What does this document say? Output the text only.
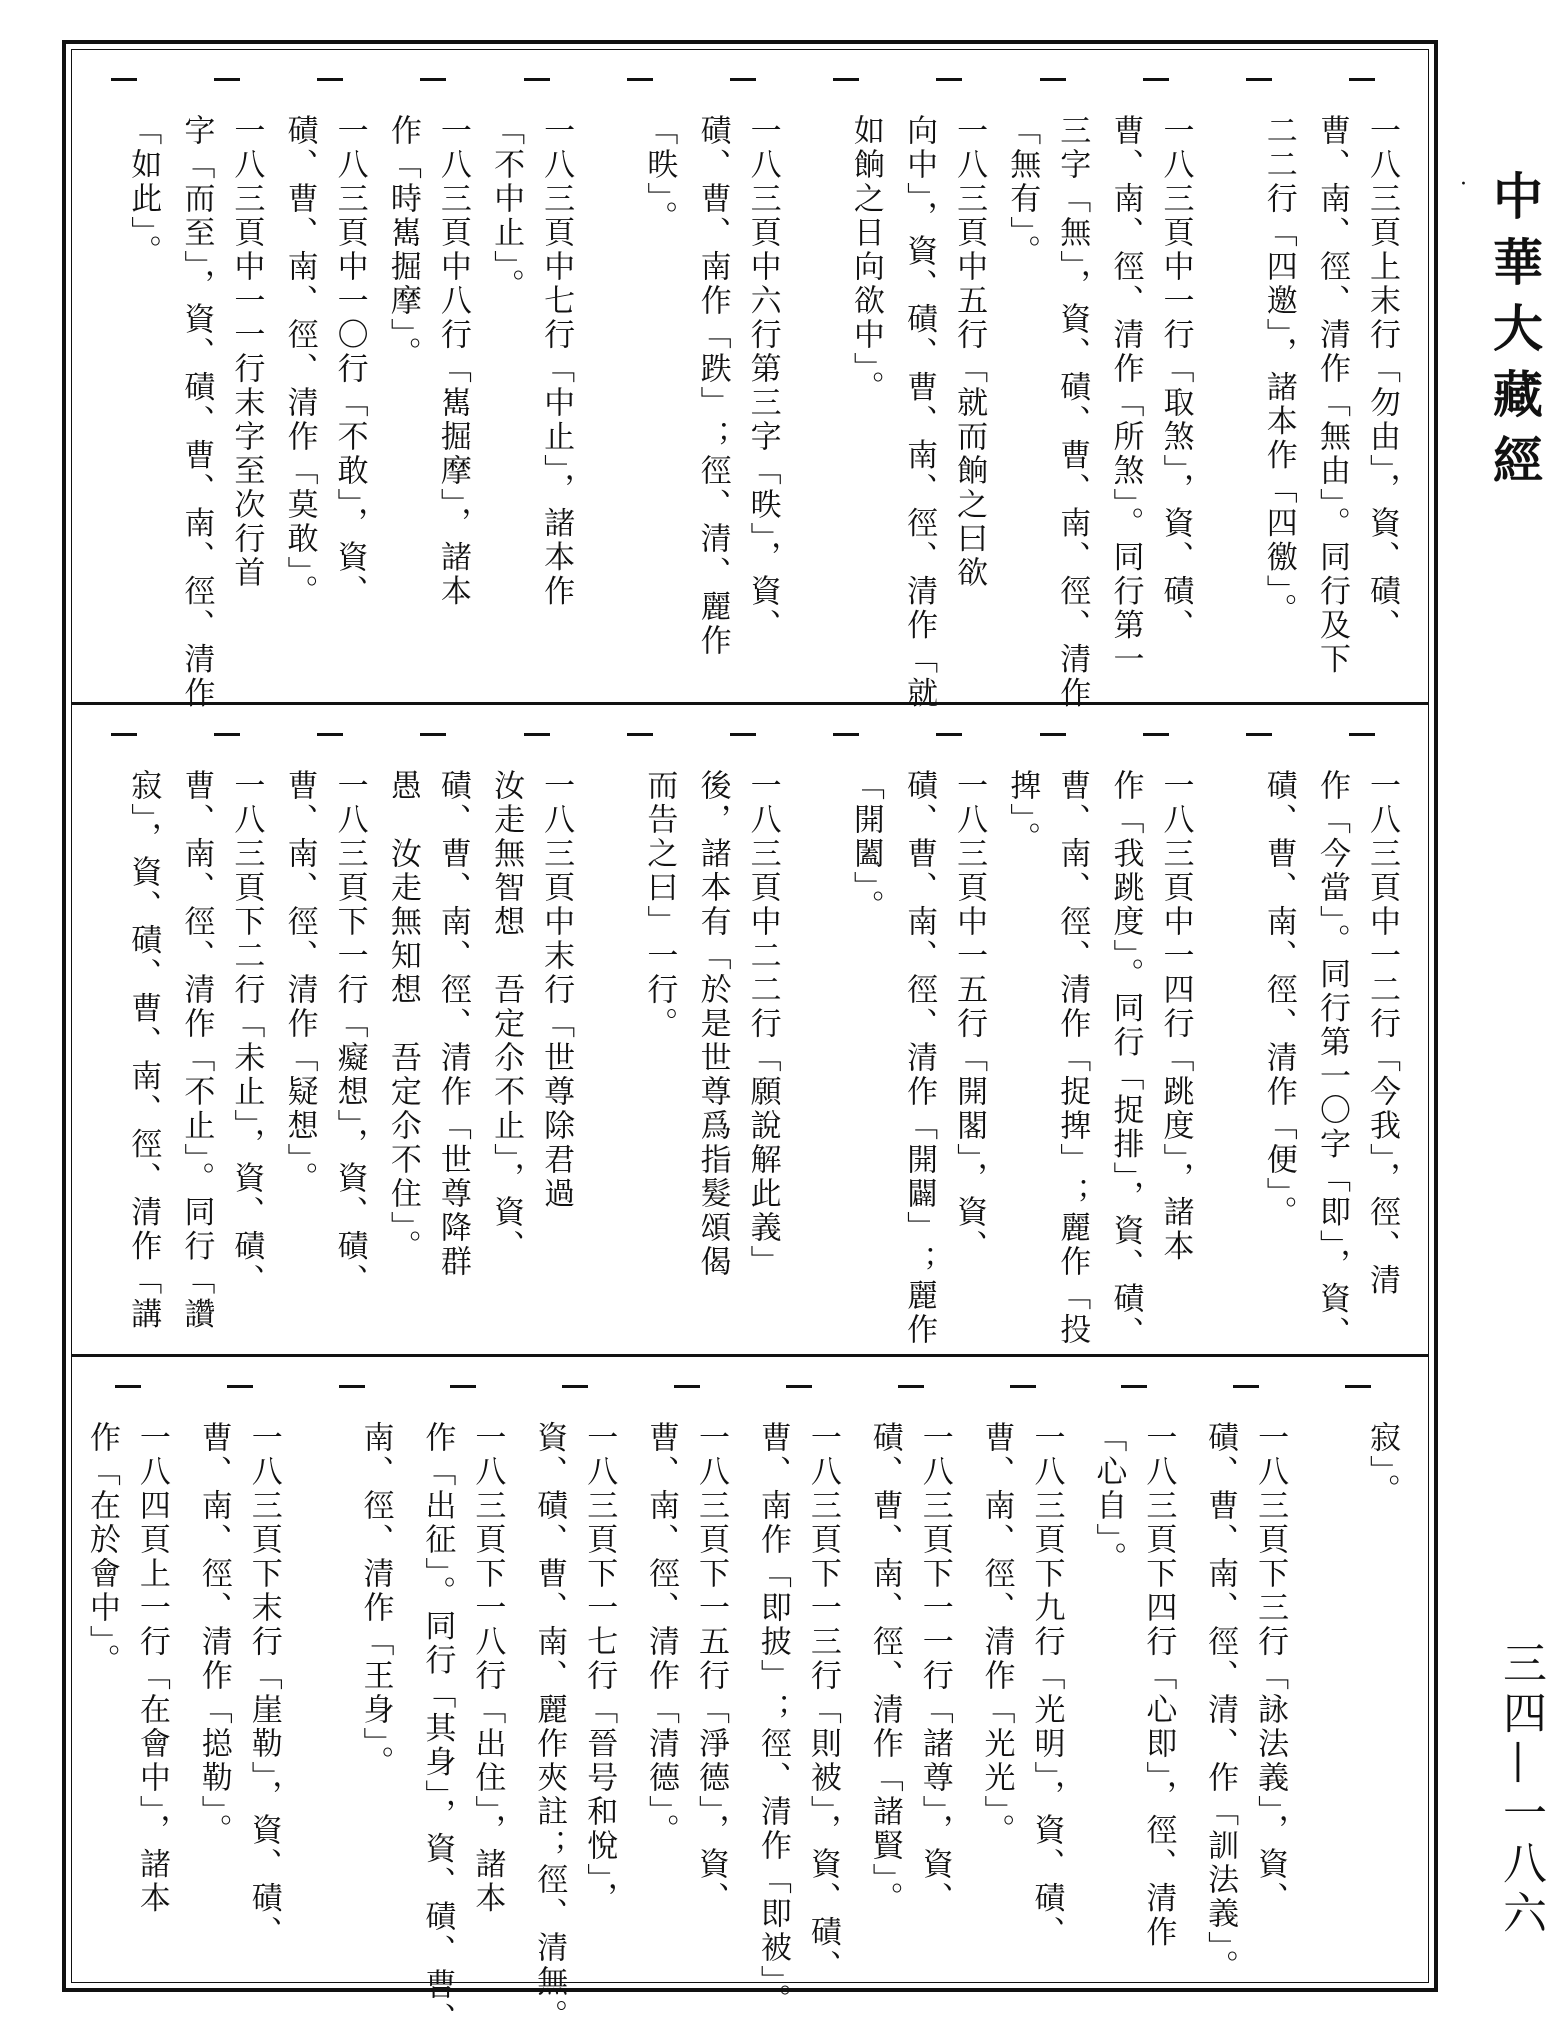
一八三頁上末行「勿由」，資、磧、
曹、南、徑、清作「無由」。同行及下
二二行「四邀」，諸本作「四徼」。
一八三頁中一行「取煞」，資、磧、
曹、南、徑、清作「所煞」。同行第一
三字「無」，資、磧、曹、南、徑、清作
「無有」。
一八三頁中五行「就而餉之曰欲
向中」，資、磧、曹、南、徑、清作「就
如餉之日向欲中」。
一八三頁中六行第三字「昳」，資、
磧、曹、南作「跌」；徑、清、麗作
「昳」。
一八三頁中七行「中止」，諸本作
「不中止」。
一八三頁中八行「嶲掘摩」，諸本
作「時嶲掘摩」。
一八三頁中一〇行「不敢」，資、
磧、曹、南、徑、清作「莫敢」。
一八三頁中一一行末字至次行首
字「而至」，資、磧、曹、南、徑、清作
「如此」。
一八三頁中一二行「今我」，徑、清
作「今當」。同行第一〇字「即」，資、
磧、曹、南、徑、清作「便」。
一八三頁中一四行「跳度」，諸本
作「我跳度」。同行「捉排」，資、磧、
曹、南、徑、清作「捉捭」；麗作「投
捭」。
一八三頁中一五行「開閣」，資、
磧、曹、南、徑、清作「開闢」；麗作
「開闔」。
一八三頁中二二行「願說解此義」
後，諸本有「於是世尊爲指髮頌偈
而告之曰」一行。
一八三頁中末行「世尊除君過
汝走無智想　吾定尒不止」，資、
磧、曹、南、徑、清作「世尊降群
愚　汝走無知想　吾定尒不住」。
一八三頁下一行「癡想」，資、磧、
曹、南、徑、清作「疑想」。
一八三頁下二行「未止」，資、磧、
曹、南、徑、清作「不止」。同行「讚
寂」，資、磧、曹、南、徑、清作「講
寂」。
一八三頁下三行「詠法義」，資、
磧、曹、南、徑、清、作「訓法義」。
一八三頁下四行「心即」，徑、清作
「心自」。
一八三頁下九行「光明」，資、磧、
曹、南、徑、清作「光光」。
一八三頁下一一行「諸尊」，資、
磧、曹、南、徑、清作「諸賢」。
一八三頁下一三行「則被」，資、磧、
曹、南作「即披」；徑、清作「即被」。
一八三頁下一五行「淨德」，資、
曹、南、徑、清作「清德」。
一八三頁下一七行「晉号和悅」，
資、磧、曹、南、麗作夾註；徑、清無。
一八三頁下一八行「出住」，諸本
作「出征」。同行「其身」，資、磧、曹、
南、徑、清作「王身」。
一八三頁下末行「崖勒」，資、磧、
曹、南、徑、清作「搃勒」。
一八四頁上一行「在會中」，諸本
作「在於會中」。
· 中華大藏經
三四—一八六
